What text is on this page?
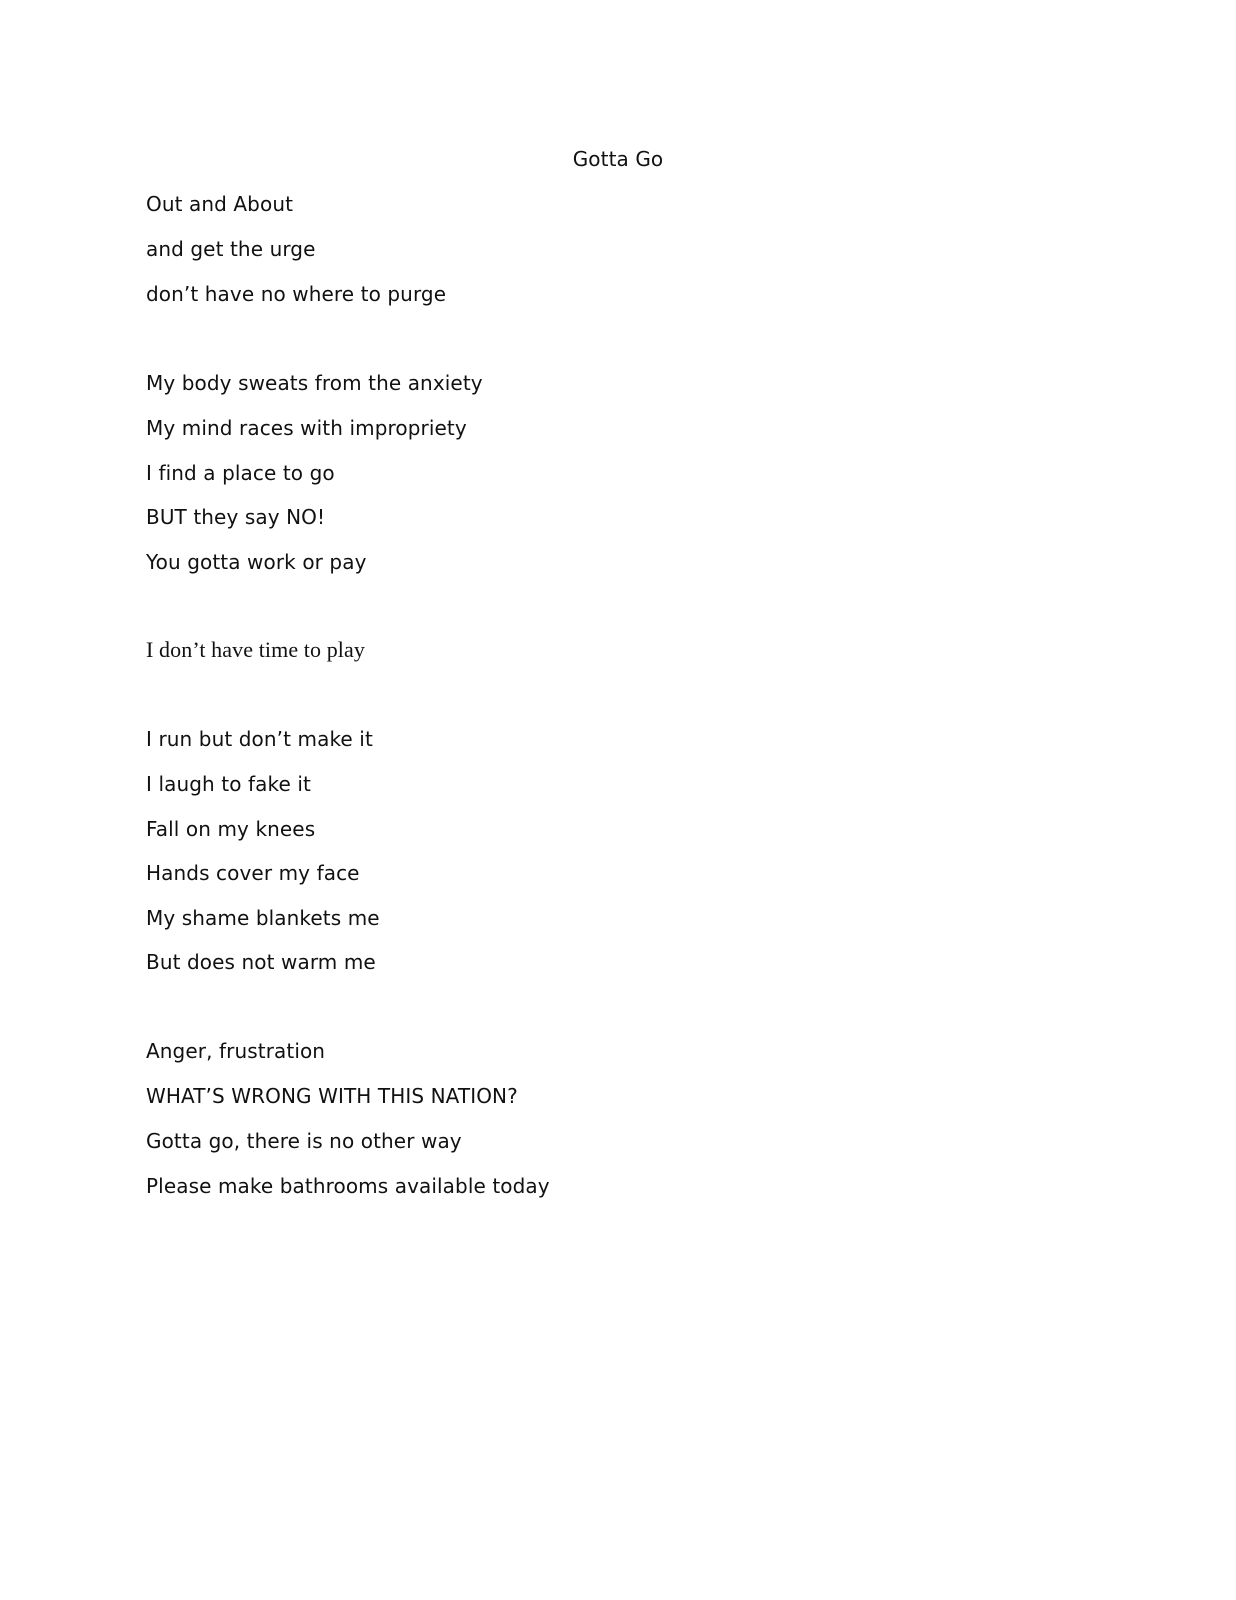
Gotta Go
Out and About
and get the urge
don’t have no where to purge
My body sweats from the anxiety
My mind races with impropriety
I find a place to go
BUT they say NO!
You gotta work or pay
I don’t have time to play
I run but don’t make it
I laugh to fake it
Fall on my knees
Hands cover my face
My shame blankets me
But does not warm me
Anger, frustration
WHAT’S WRONG WITH THIS NATION?
Gotta go, there is no other way
Please make bathrooms available today
